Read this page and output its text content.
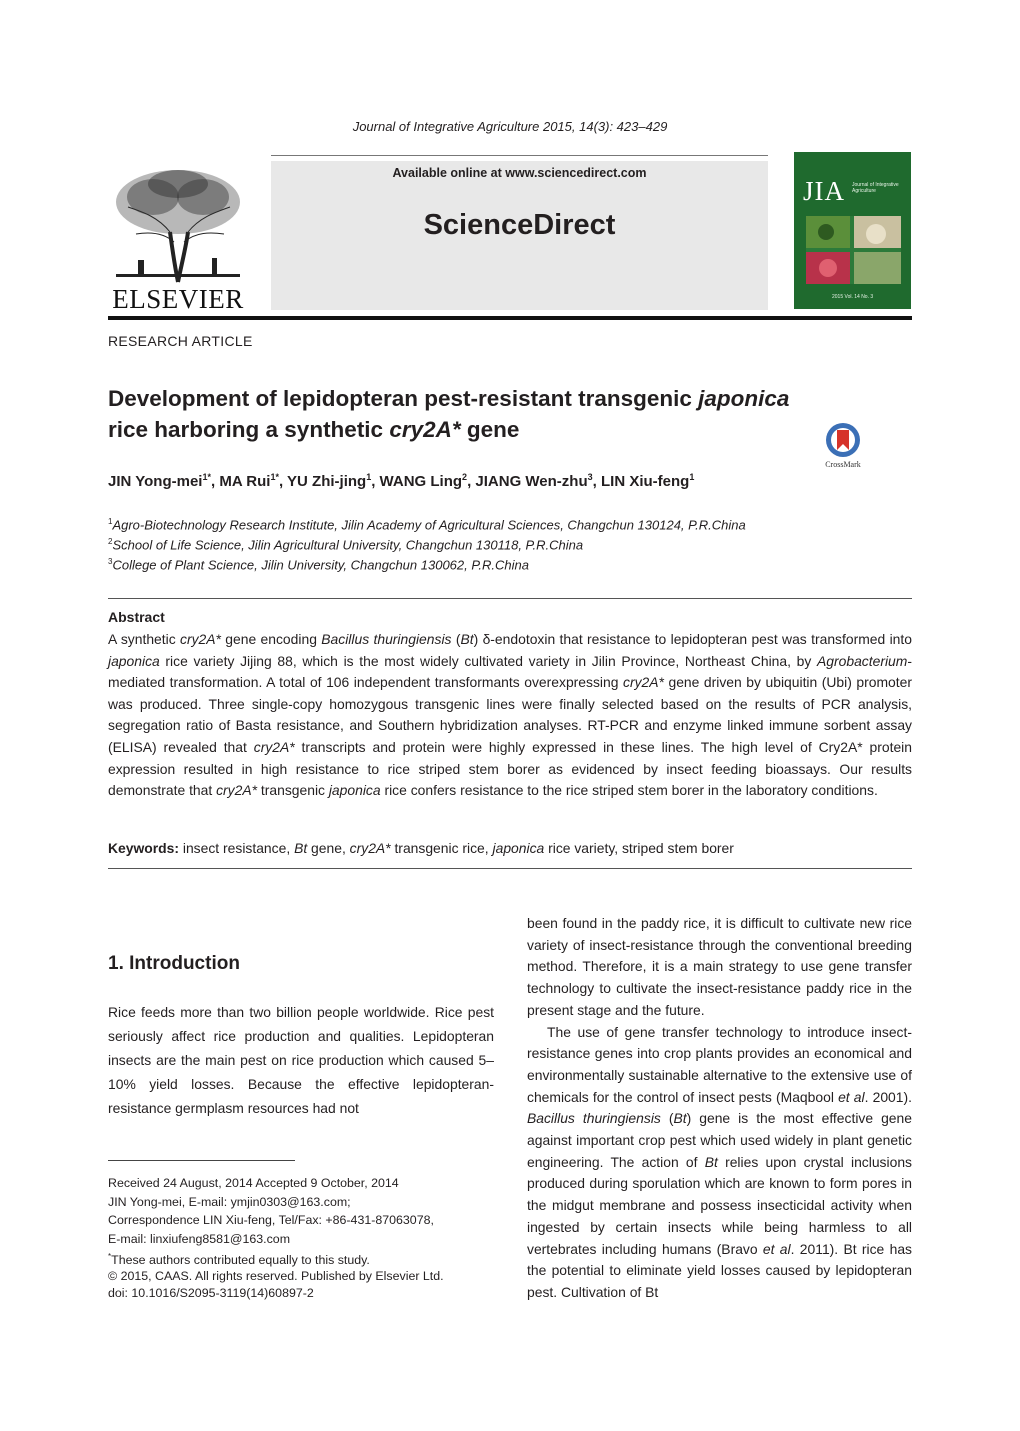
Journal of Integrative Agriculture 2015, 14(3): 423–429
ELSEVIER
Available online at www.sciencedirect.com
ScienceDirect
JIA Journal of Integrative Agriculture
2015 Vol. 14 No. 3
RESEARCH ARTICLE
Development of lepidopteran pest-resistant transgenic japonica
rice harboring a synthetic cry2A* gene
CrossMark
JIN Yong-mei$^{1*}$, MA Rui$^{1*}$, YU Zhi-jing$^1$, WANG Ling$^2$, JIANG Wen-zhu$^3$, LIN Xiu-feng$^1$
$^1$Agro-Biotechnology Research Institute, Jilin Academy of Agricultural Sciences, Changchun 130124, P.R.China
$^2$School of Life Science, Jilin Agricultural University, Changchun 130118, P.R.China
$^3$College of Plant Science, Jilin University, Changchun 130062, P.R.China
Abstract
A synthetic cry2A* gene encoding Bacillus thuringiensis (Bt) δ-endotoxin that resistance to lepidopteran pest was transformed into japonica rice variety Jijing 88, which is the most widely cultivated variety in Jilin Province, Northeast China, by Agrobacterium-mediated transformation. A total of 106 independent transformants overexpressing cry2A* gene driven by ubiquitin (Ubi) promoter was produced. Three single-copy homozygous transgenic lines were finally selected based on the results of PCR analysis, segregation ratio of Basta resistance, and Southern hybridization analyses. RT-PCR and enzyme linked immune sorbent assay (ELISA) revealed that cry2A* transcripts and protein were highly expressed in these lines. The high level of Cry2A* protein expression resulted in high resistance to rice striped stem borer as evidenced by insect feeding bioassays. Our results demonstrate that cry2A* transgenic japonica rice confers resistance to the rice striped stem borer in the laboratory conditions.
Keywords: insect resistance, Bt gene, cry2A* transgenic rice, japonica rice variety, striped stem borer
1. Introduction
Rice feeds more than two billion people worldwide. Rice pest seriously affect rice production and qualities. Lepidopteran insects are the main pest on rice production which caused 5–10% yield losses. Because the effective lepidopteran-resistance germplasm resources had not
been found in the paddy rice, it is difficult to cultivate new rice variety of insect-resistance through the conventional breeding method. Therefore, it is a main strategy to use gene transfer technology to cultivate the insect-resistance paddy rice in the present stage and the future.
The use of gene transfer technology to introduce insect-resistance genes into crop plants provides an economical and environmentally sustainable alternative to the extensive use of chemicals for the control of insect pests (Maqbool et al. 2001). Bacillus thuringiensis (Bt) gene is the most effective gene against important crop pest which used widely in plant genetic engineering. The action of Bt relies upon crystal inclusions produced during sporulation which are known to form pores in the midgut membrane and possess insecticidal activity when ingested by certain insects while being harmless to all vertebrates including humans (Bravo et al. 2011). Bt rice has the potential to eliminate yield losses caused by lepidopteran pest. Cultivation of Bt
Received 24 August, 2014 Accepted 9 October, 2014
JIN Yong-mei, E-mail: ymjin0303@163.com;
Correspondence LIN Xiu-feng, Tel/Fax: +86-431-87063078,
E-mail: linxiufeng8581@163.com
*These authors contributed equally to this study.
© 2015, CAAS. All rights reserved. Published by Elsevier Ltd.
doi: 10.1016/S2095-3119(14)60897-2
